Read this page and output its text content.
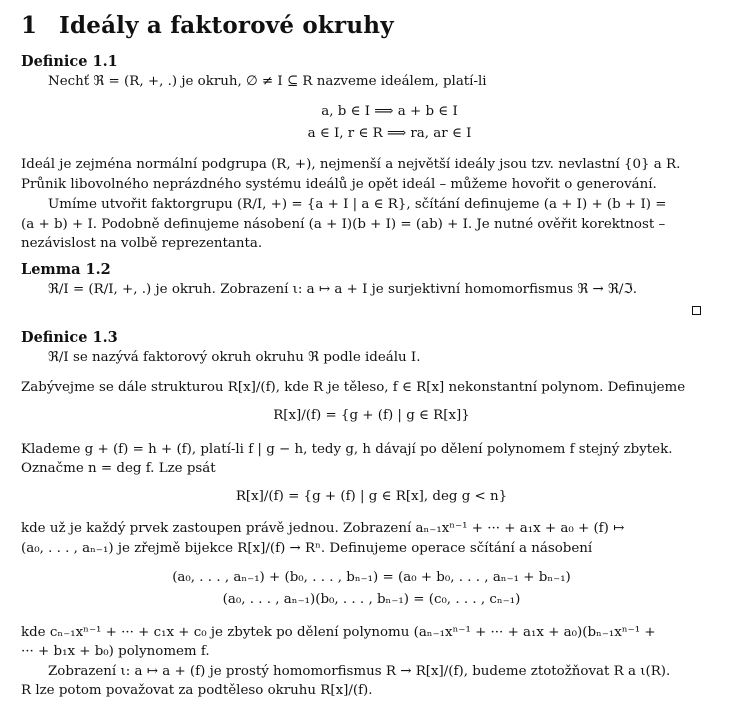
1 Ideály a faktorové okruhy
Definice 1.1
Nechť ℜ = (R, +, .) je okruh, ∅ ≠ I ⊆ R nazveme ideálem, platí-li
a, b ∈ I ⟹ a + b ∈ I
a ∈ I, r ∈ R ⟹ ra, ar ∈ I
Ideál je zejména normální podgrupa (R, +), nejmenší a největší ideály jsou tzv. nevlastní {0} a R.
Průnik libovolného neprázdného systému ideálů je opět ideál – můžeme hovořit o generování.
Umíme utvořit faktorgrupu (R/I, +) = {a + I | a ∈ R}, sčítání definujeme (a + I) + (b + I) =
(a + b) + I. Podobně definujeme násobení (a + I)(b + I) = (ab) + I. Je nutné ověřit korektnost –
nezávislost na volbě reprezentanta.
Lemma 1.2
ℜ/I = (R/I, +, .) je okruh. Zobrazení ι: a ↦ a + I je surjektivní homomorfismus ℜ → ℜ/ℑ.
Definice 1.3
ℜ/I se nazývá faktorový okruh okruhu ℜ podle ideálu I.
Zabývejme se dále strukturou R[x]/(f), kde R je těleso, f ∈ R[x] nekonstantní polynom. Definujeme
R[x]/(f) = {g + (f) | g ∈ R[x]}
Klademe g + (f) = h + (f), platí-li f | g − h, tedy g, h dávají po dělení polynomem f stejný zbytek.
Označme n = deg f. Lze psát
R[x]/(f) = {g + (f) | g ∈ R[x], deg g < n}
kde už je každý prvek zastoupen právě jednou. Zobrazení aₙ₋₁xⁿ⁻¹ + ··· + a₁x + a₀ + (f) ↦
(a₀, . . . , aₙ₋₁) je zřejmě bijekce R[x]/(f) → Rⁿ. Definujeme operace sčítání a násobení
(a₀, . . . , aₙ₋₁) + (b₀, . . . , bₙ₋₁) = (a₀ + b₀, . . . , aₙ₋₁ + bₙ₋₁)
(a₀, . . . , aₙ₋₁)(b₀, . . . , bₙ₋₁) = (c₀, . . . , cₙ₋₁)
kde cₙ₋₁xⁿ⁻¹ + ··· + c₁x + c₀ je zbytek po dělení polynomu (aₙ₋₁xⁿ⁻¹ + ··· + a₁x + a₀)(bₙ₋₁xⁿ⁻¹ +
··· + b₁x + b₀) polynomem f.
Zobrazení ι: a ↦ a + (f) je prostý homomorfismus R → R[x]/(f), budeme ztotožňovat R a ι(R).
R lze potom považovat za podtěleso okruhu R[x]/(f).
